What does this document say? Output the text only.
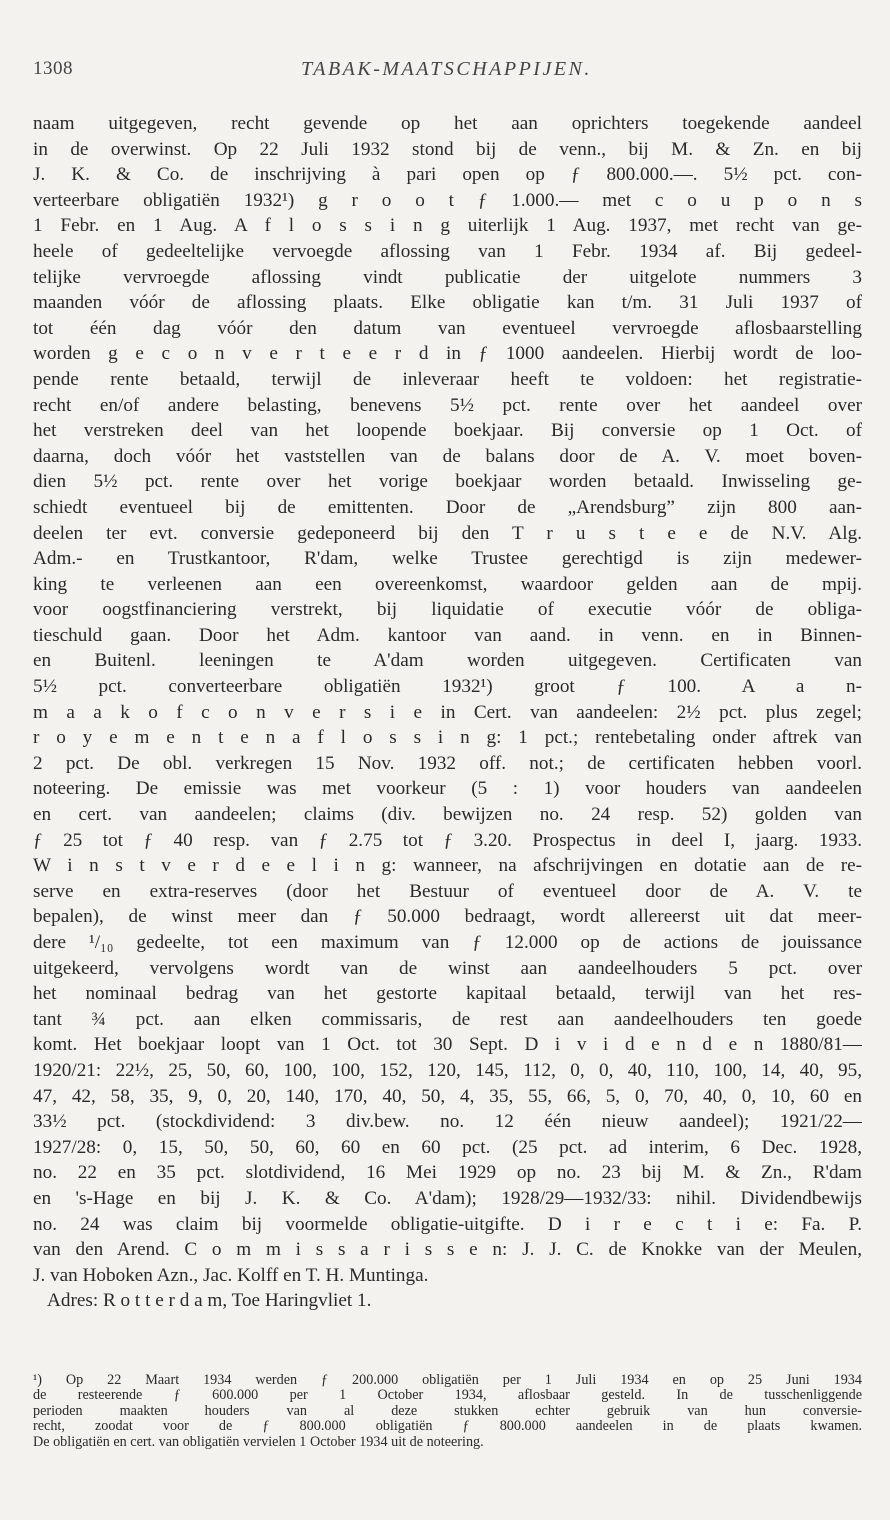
1308	TABAK-MAATSCHAPPIJEN.
naam uitgegeven, recht gevende op het aan oprichters toegekende aandeel
in de overwinst. Op 22 Juli 1932 stond bij de venn., bij M. & Zn. en bij
J. K. & Co. de inschrijving à pari open op ƒ 800.000.—. 5½ pct. con-
verteerbare obligatiën 1932¹) g r o o t ƒ 1.000.— met c o u p o n s
1 Febr. en 1 Aug. A f l o s s i n g uiterlijk 1 Aug. 1937, met recht van ge-
heele of gedeeltelijke vervoegde aflossing van 1 Febr. 1934 af. Bij gedeel-
telijke vervroegde aflossing vindt publicatie der uitgelote nummers 3
maanden vóór de aflossing plaats. Elke obligatie kan t/m. 31 Juli 1937 of
tot één dag vóór den datum van eventueel vervroegde aflosbaarstelling
worden g e c o n v e r t e e r d in ƒ 1000 aandeelen. Hierbij wordt de loo-
pende rente betaald, terwijl de inleveraar heeft te voldoen: het registratie-
recht en/of andere belasting, benevens 5½ pct. rente over het aandeel over
het verstreken deel van het loopende boekjaar. Bij conversie op 1 Oct. of
daarna, doch vóór het vaststellen van de balans door de A. V. moet boven-
dien 5½ pct. rente over het vorige boekjaar worden betaald. Inwisseling ge-
schiedt eventueel bij de emittenten. Door de „Arendsburg” zijn 800 aan-
deelen ter evt. conversie gedeponeerd bij den T r u s t e e de N.V. Alg.
Adm.- en Trustkantoor, R'dam, welke Trustee gerechtigd is zijn medewer-
king te verleenen aan een overeenkomst, waardoor gelden aan de mpij.
voor oogstfinanciering verstrekt, bij liquidatie of executie vóór de obliga-
tieschuld gaan. Door het Adm. kantoor van aand. in venn. en in Binnen-
en Buitenl. leeningen te A'dam worden uitgegeven. Certificaten van
5½ pct. converteerbare obligatiën 1932¹) groot ƒ 100. A a n-
m a a k o f c o n v e r s i e in Cert. van aandeelen: 2½ pct. plus zegel;
r o y e m e n t e n a f l o s s i n g: 1 pct.; rentebetaling onder aftrek van
2 pct. De obl. verkregen 15 Nov. 1932 off. not.; de certificaten hebben voorl.
noteering. De emissie was met voorkeur (5 : 1) voor houders van aandeelen
en cert. van aandeelen; claims (div. bewijzen no. 24 resp. 52) golden van
ƒ 25 tot ƒ 40 resp. van ƒ 2.75 tot ƒ 3.20. Prospectus in deel I, jaarg. 1933.
W i n s t v e r d e e l i n g: wanneer, na afschrijvingen en dotatie aan de re-
serve en extra-reserves (door het Bestuur of eventueel door de A. V. te
bepalen), de winst meer dan ƒ 50.000 bedraagt, wordt allereerst uit dat meer-
dere ¹/₁₀ gedeelte, tot een maximum van ƒ 12.000 op de actions de jouissance
uitgekeerd, vervolgens wordt van de winst aan aandeelhouders 5 pct. over
het nominaal bedrag van het gestorte kapitaal betaald, terwijl van het res-
tant ¾ pct. aan elken commissaris, de rest aan aandeelhouders ten goede
komt. Het boekjaar loopt van 1 Oct. tot 30 Sept. D i v i d e n d e n 1880/81—
1920/21: 22½, 25, 50, 60, 100, 100, 152, 120, 145, 112, 0, 0, 40, 110, 100, 14, 40, 95,
47, 42, 58, 35, 9, 0, 20, 140, 170, 40, 50, 4, 35, 55, 66, 5, 0, 70, 40, 0, 10, 60 en
33½ pct. (stockdividend: 3 div.bew. no. 12 één nieuw aandeel); 1921/22—
1927/28: 0, 15, 50, 50, 60, 60 en 60 pct. (25 pct. ad interim, 6 Dec. 1928,
no. 22 en 35 pct. slotdividend, 16 Mei 1929 op no. 23 bij M. & Zn., R'dam
en 's-Hage en bij J. K. & Co. A'dam); 1928/29—1932/33: nihil. Dividendbewijs
no. 24 was claim bij voormelde obligatie-uitgifte. D i r e c t i e: Fa. P.
van den Arend. C o m m i s s a r i s s e n: J. J. C. de Knokke van der Meulen,
J. van Hoboken Azn., Jac. Kolff en T. H. Muntinga.
Adres: R o t t e r d a m, Toe Haringvliet 1.
¹) Op 22 Maart 1934 werden ƒ 200.000 obligatiën per 1 Juli 1934 en op 25 Juni 1934
de resteerende ƒ 600.000 per 1 October 1934, aflosbaar gesteld. In de tusschenliggende
perioden maakten houders van al deze stukken echter gebruik van hun conversie-
recht, zoodat voor de ƒ 800.000 obligatiën ƒ 800.000 aandeelen in de plaats kwamen.
De obligatiën en cert. van obligatiën vervielen 1 October 1934 uit de noteering.
